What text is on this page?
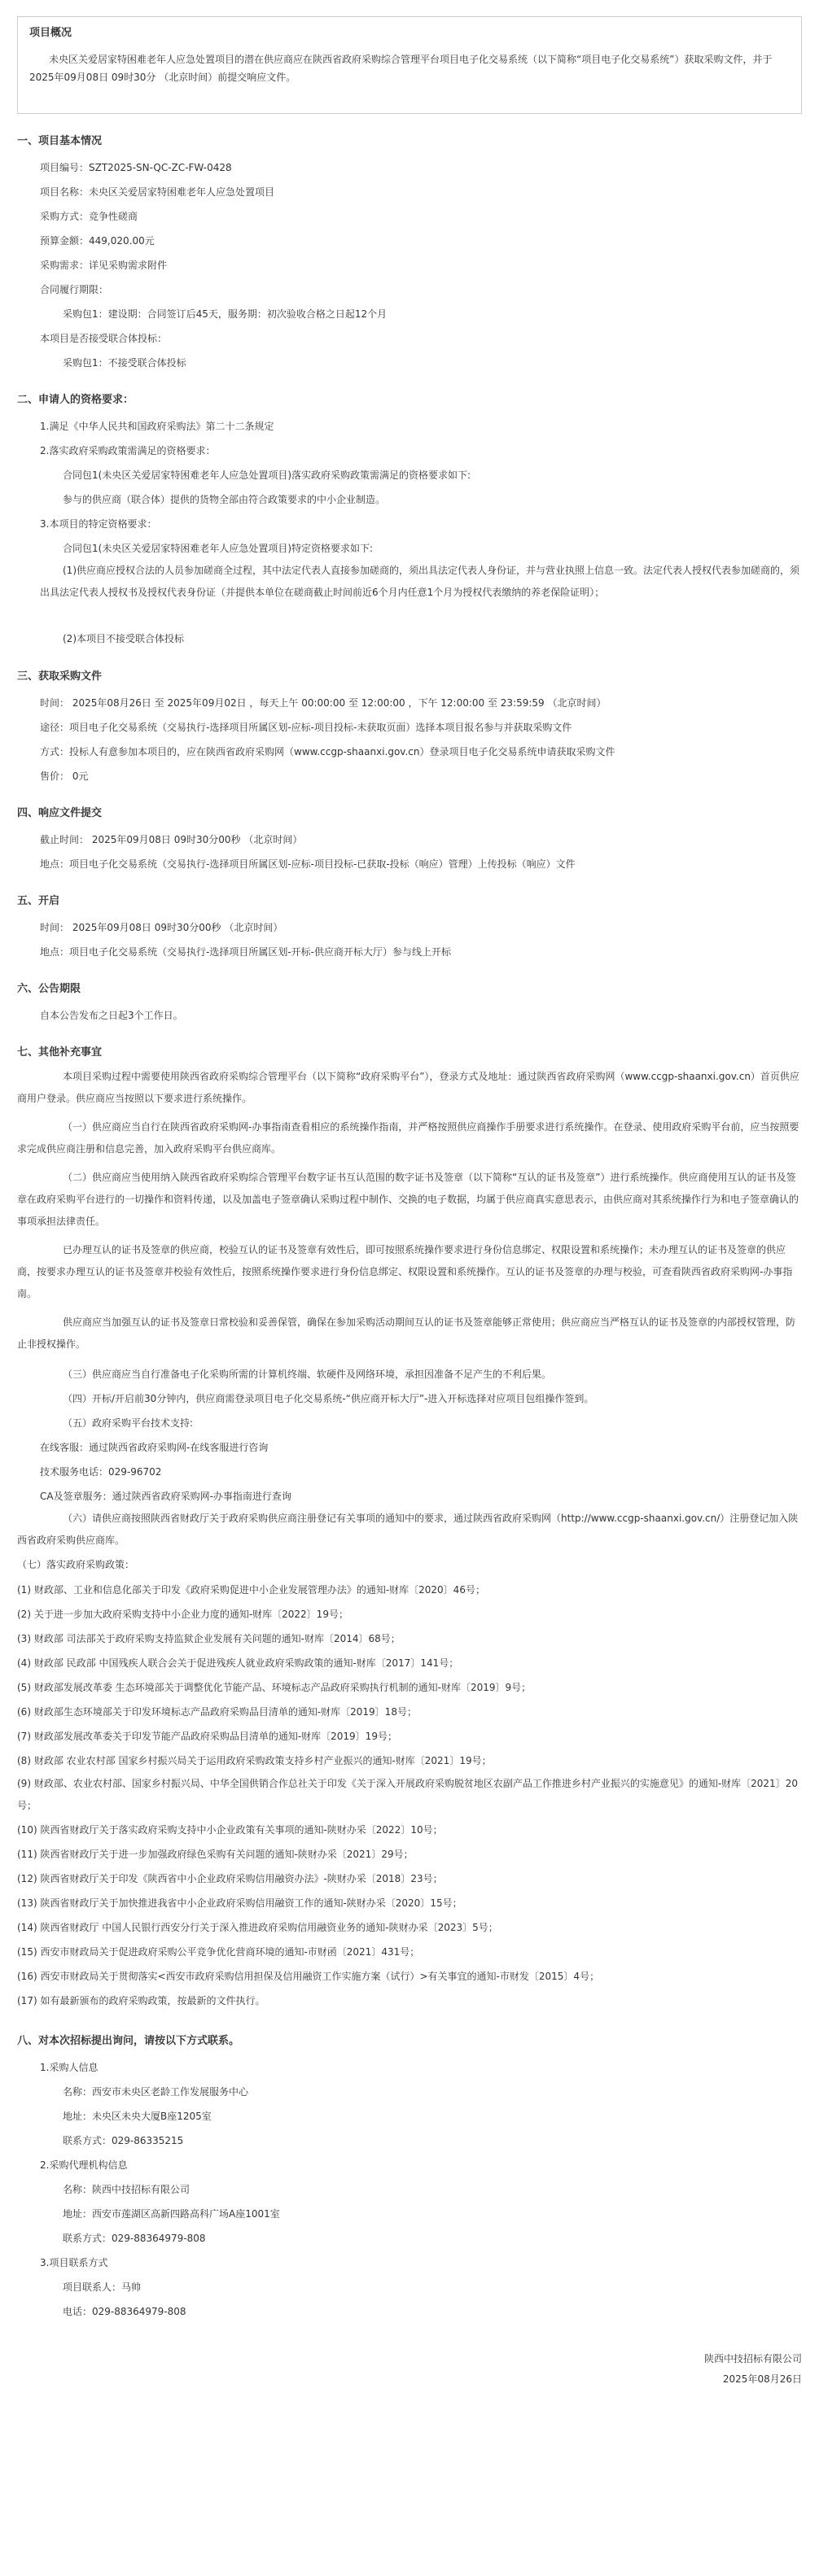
项目概况

未央区关爱居家特困难老年人应急处置项目的潜在供应商应在陕西省政府采购综合管理平台项目电子化交易系统（以下简称“项目电子化交易系统”）获取采购文件，并于 2025年09月08日 09时30分 （北京时间）前提交响应文件。

一、项目基本情况
项目编号：SZT2025-SN-QC-ZC-FW-0428
项目名称：未央区关爱居家特困难老年人应急处置项目
采购方式：竞争性磋商
预算金额：449,020.00元
采购需求：详见采购需求附件
合同履行期限：
采购包1：建设期：合同签订后45天，服务期：初次验收合格之日起12个月
本项目是否接受联合体投标：
采购包1：不接受联合体投标
二、申请人的资格要求：
1.满足《中华人民共和国政府采购法》第二十二条规定
2.落实政府采购政策需满足的资格要求：
合同包1(未央区关爱居家特困难老年人应急处置项目)落实政府采购政策需满足的资格要求如下:
参与的供应商（联合体）提供的货物全部由符合政策要求的中小企业制造。
3.本项目的特定资格要求：
合同包1(未央区关爱居家特困难老年人应急处置项目)特定资格要求如下:
(1)供应商应授权合法的人员参加磋商全过程，其中法定代表人直接参加磋商的，须出具法定代表人身份证，并与营业执照上信息一致。法定代表人授权代表参加磋商的，须出具法定代表人授权书及授权代表身份证（并提供本单位在磋商截止时间前近6个月内任意1个月为授权代表缴纳的养老保险证明）；
(2)本项目不接受联合体投标
三、获取采购文件
时间： 2025年08月26日 至 2025年09月02日 ，每天上午 00:00:00 至 12:00:00 ，下午 12:00:00 至 23:59:59 （北京时间）
途径：项目电子化交易系统（交易执行-选择项目所属区划-应标-项目投标-未获取页面）选择本项目报名参与并获取采购文件
方式：投标人有意参加本项目的，应在陕西省政府采购网（www.ccgp-shaanxi.gov.cn）登录项目电子化交易系统申请获取采购文件
售价： 0元
四、响应文件提交
截止时间： 2025年09月08日 09时30分00秒 （北京时间）
地点：项目电子化交易系统（交易执行-选择项目所属区划-应标-项目投标-已获取-投标（响应）管理）上传投标（响应）文件
五、开启
时间： 2025年09月08日 09时30分00秒 （北京时间）
地点：项目电子化交易系统（交易执行-选择项目所属区划-开标-供应商开标大厅）参与线上开标
六、公告期限
自本公告发布之日起3个工作日。
七、其他补充事宜
本项目采购过程中需要使用陕西省政府采购综合管理平台（以下简称“政府采购平台”），登录方式及地址：通过陕西省政府采购网（www.ccgp-shaanxi.gov.cn）首页供应商用户登录。供应商应当按照以下要求进行系统操作。
（一）供应商应当自行在陕西省政府采购网-办事指南查看相应的系统操作指南，并严格按照供应商操作手册要求进行系统操作。在登录、使用政府采购平台前，应当按照要求完成供应商注册和信息完善，加入政府采购平台供应商库。
（二）供应商应当使用纳入陕西省政府采购综合管理平台数字证书互认范围的数字证书及签章（以下简称“互认的证书及签章”）进行系统操作。供应商使用互认的证书及签章在政府采购平台进行的一切操作和资料传递，以及加盖电子签章确认采购过程中制作、交换的电子数据，均属于供应商真实意思表示，由供应商对其系统操作行为和电子签章确认的事项承担法律责任。
已办理互认的证书及签章的供应商，校验互认的证书及签章有效性后，即可按照系统操作要求进行身份信息绑定、权限设置和系统操作；未办理互认的证书及签章的供应商，按要求办理互认的证书及签章并校验有效性后，按照系统操作要求进行身份信息绑定、权限设置和系统操作。互认的证书及签章的办理与校验，可查看陕西省政府采购网-办事指南。
供应商应当加强互认的证书及签章日常校验和妥善保管，确保在参加采购活动期间互认的证书及签章能够正常使用；供应商应当严格互认的证书及签章的内部授权管理，防止非授权操作。
（三）供应商应当自行准备电子化采购所需的计算机终端、软硬件及网络环境，承担因准备不足产生的不利后果。
（四）开标/开启前30分钟内，供应商需登录项目电子化交易系统-“供应商开标大厅”-进入开标选择对应项目包组操作签到。
（五）政府采购平台技术支持:
在线客服：通过陕西省政府采购网-在线客服进行咨询
技术服务电话：029-96702
CA及签章服务：通过陕西省政府采购网-办事指南进行查询
（六）请供应商按照陕西省财政厅关于政府采购供应商注册登记有关事项的通知中的要求，通过陕西省政府采购网（http://www.ccgp-shaanxi.gov.cn/）注册登记加入陕西省政府采购供应商库。
（七）落实政府采购政策：
(1) 财政部、工业和信息化部关于印发《政府采购促进中小企业发展管理办法》的通知-财库〔2020〕46号；
(2) 关于进一步加大政府采购支持中小企业力度的通知-财库〔2022〕19号；
(3) 财政部 司法部关于政府采购支持监狱企业发展有关问题的通知-财库〔2014〕68号；
(4) 财政部 民政部 中国残疾人联合会关于促进残疾人就业政府采购政策的通知-财库〔2017〕141号；
(5) 财政部发展改革委 生态环境部关于调整优化节能产品、环境标志产品政府采购执行机制的通知-财库〔2019〕9号；
(6) 财政部生态环境部关于印发环境标志产品政府采购品目清单的通知-财库〔2019〕18号；
(7) 财政部发展改革委关于印发节能产品政府采购品目清单的通知-财库〔2019〕19号；
(8) 财政部 农业农村部 国家乡村振兴局关于运用政府采购政策支持乡村产业振兴的通知-财库〔2021〕19号；
(9) 财政部、农业农村部、国家乡村振兴局、中华全国供销合作总社关于印发《关于深入开展政府采购脱贫地区农副产品工作推进乡村产业振兴的实施意见》的通知-财库〔2021〕20号；
(10) 陕西省财政厅关于落实政府采购支持中小企业政策有关事项的通知-陕财办采〔2022〕10号；
(11) 陕西省财政厅关于进一步加强政府绿色采购有关问题的通知-陕财办采〔2021〕29号；
(12) 陕西省财政厅关于印发《陕西省中小企业政府采购信用融资办法》-陕财办采〔2018〕23号；
(13) 陕西省财政厅关于加快推进我省中小企业政府采购信用融资工作的通知-陕财办采〔2020〕15号；
(14) 陕西省财政厅 中国人民银行西安分行关于深入推进政府采购信用融资业务的通知-陕财办采〔2023〕5号；
(15) 西安市财政局关于促进政府采购公平竞争优化营商环境的通知-市财函〔2021〕431号；
(16) 西安市财政局关于贯彻落实<西安市政府采购信用担保及信用融资工作实施方案（试行）>有关事宜的通知-市财发〔2015〕4号；
(17) 如有最新颁布的政府采购政策，按最新的文件执行。
八、对本次招标提出询问，请按以下方式联系。
1.采购人信息
名称：西安市未央区老龄工作发展服务中心
地址：未央区未央大厦B座1205室
联系方式：029-86335215
2.采购代理机构信息
名称：陕西中技招标有限公司
地址：西安市莲湖区高新四路高科广场A座1001室
联系方式：029-88364979-808
3.项目联系方式
项目联系人：马帅
电话：029-88364979-808
陕西中技招标有限公司
2025年08月26日
